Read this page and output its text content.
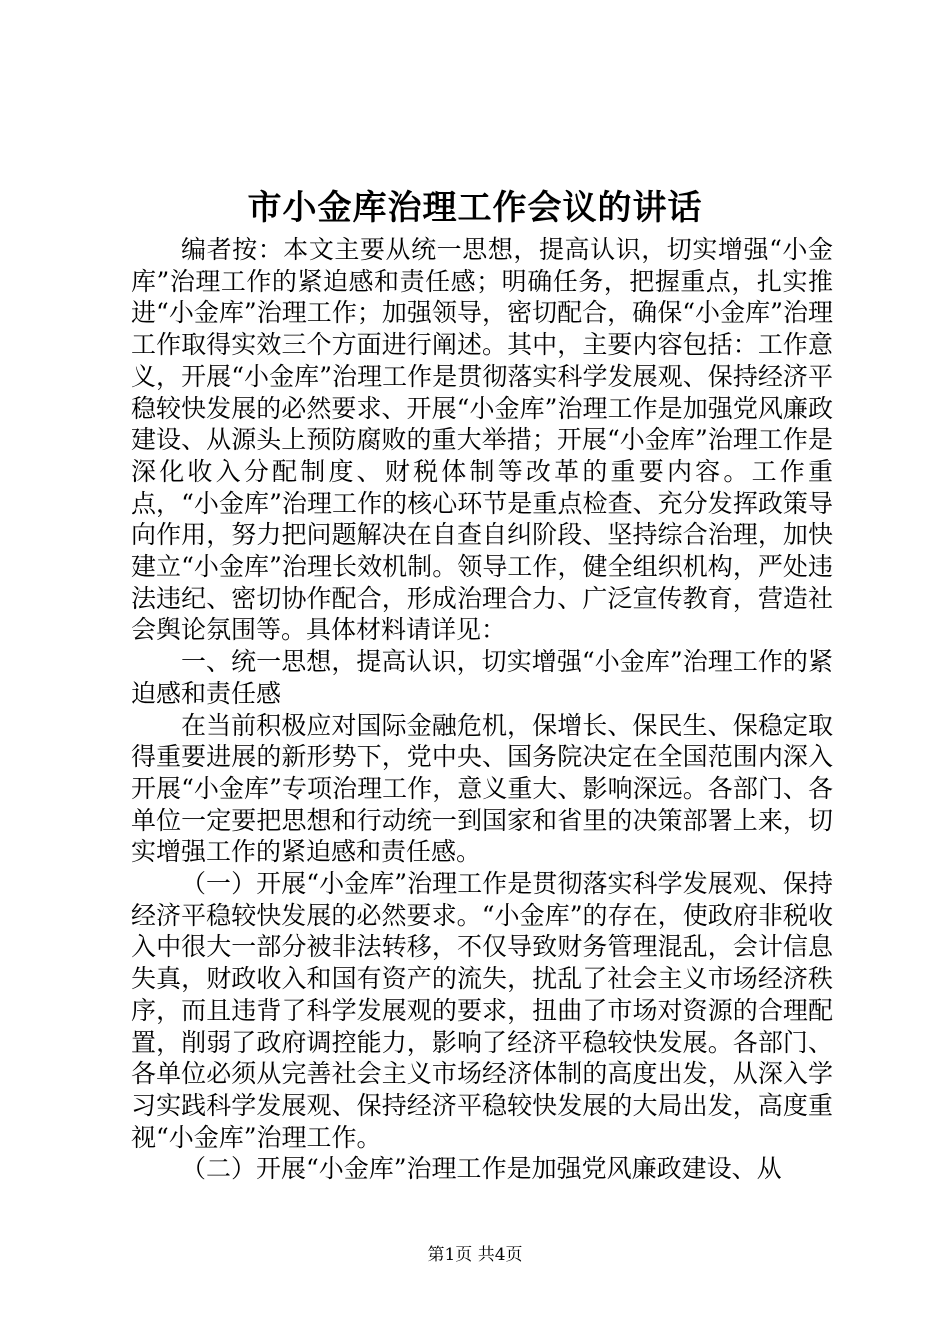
市小金库治理工作会议的讲话

编者按：本文主要从统一思想，提高认识，切实增强“小金库”治理工作的紧迫感和责任感；明确任务，把握重点，扎实推进“小金库”治理工作；加强领导，密切配合，确保“小金库”治理工作取得实效三个方面进行阐述。其中，主要内容包括：工作意义，开展“小金库”治理工作是贯彻落实科学发展观、保持经济平稳较快发展的必然要求、开展“小金库”治理工作是加强党风廉政建设、从源头上预防腐败的重大举措；开展“小金库”治理工作是深化收入分配制度、财税体制等改革的重要内容。工作重点，“小金库”治理工作的核心环节是重点检查、充分发挥政策导向作用，努力把问题解决在自查自纠阶段、坚持综合治理，加快建立“小金库”治理长效机制。领导工作，健全组织机构，严处违法违纪、密切协作配合，形成治理合力、广泛宣传教育，营造社会舆论氛围等。具体材料请详见：

一、统一思想，提高认识，切实增强“小金库”治理工作的紧迫感和责任感

在当前积极应对国际金融危机，保增长、保民生、保稳定取得重要进展的新形势下，党中央、国务院决定在全国范围内深入开展“小金库”专项治理工作，意义重大、影响深远。各部门、各单位一定要把思想和行动统一到国家和省里的决策部署上来，切实增强工作的紧迫感和责任感。

（一）开展“小金库”治理工作是贯彻落实科学发展观、保持经济平稳较快发展的必然要求。“小金库”的存在，使政府非税收入中很大一部分被非法转移，不仅导致财务管理混乱，会计信息失真，财政收入和国有资产的流失，扰乱了社会主义市场经济秩序，而且违背了科学发展观的要求，扭曲了市场对资源的合理配置，削弱了政府调控能力，影响了经济平稳较快发展。各部门、各单位必须从完善社会主义市场经济体制的高度出发，从深入学习实践科学发展观、保持经济平稳较快发展的大局出发，高度重视“小金库”治理工作。

（二）开展“小金库”治理工作是加强党风廉政建设、从

第1页 共4页
